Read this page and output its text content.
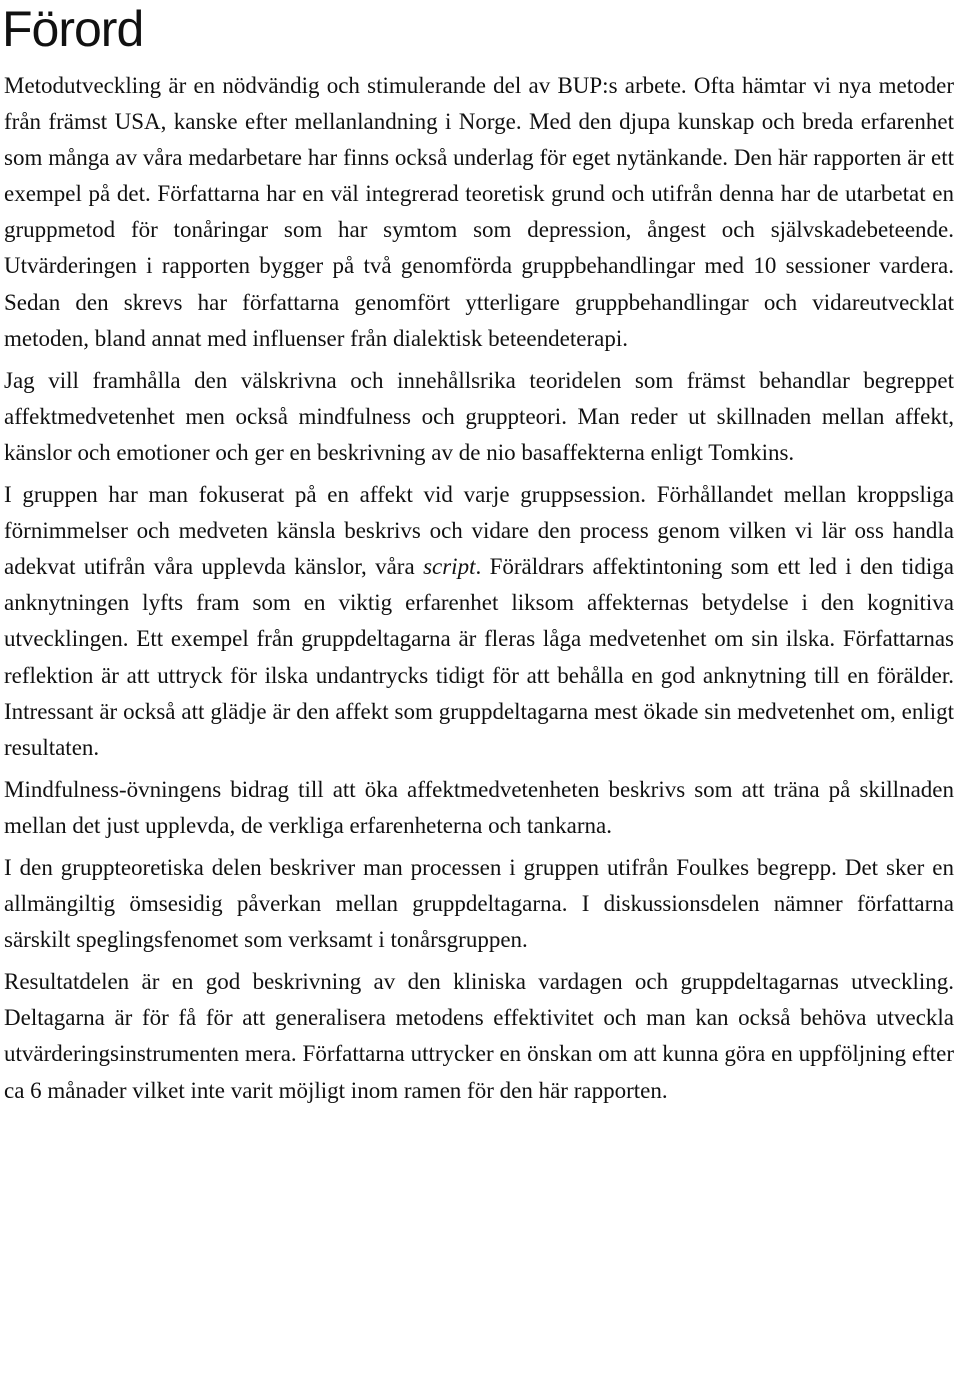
Förord

Metodutveckling är en nödvändig och stimulerande del av BUP:s arbete. Ofta hämtar vi nya metoder från främst USA, kanske efter mellanlandning i Norge. Med den djupa kunskap och breda erfarenhet som många av våra medarbetare har finns också underlag för eget nytänkande. Den här rapporten är ett exempel på det. Författarna har en väl integrerad teoretisk grund och utifrån denna har de utarbetat en gruppmetod för tonåringar som har symtom som depression, ångest och självskadebeteende. Utvärderingen i rapporten bygger på två genomförda gruppbehandlingar med 10 sessioner vardera. Sedan den skrevs har författarna genomfört ytterligare gruppbehandlingar och vidareutvecklat metoden, bland annat med influenser från dialektisk beteendeterapi.

Jag vill framhålla den välskrivna och innehållsrika teoridelen som främst behandlar begreppet affektmedvetenhet men också mindfulness och gruppteori. Man reder ut skillnaden mellan affekt, känslor och emotioner och ger en beskrivning av de nio basaffekterna enligt Tomkins.

I gruppen har man fokuserat på en affekt vid varje gruppsession. Förhållandet mellan kroppsliga förnimmelser och medveten känsla beskrivs och vidare den process genom vilken vi lär oss handla adekvat utifrån våra upplevda känslor, våra script. Föräldrars affektintoning som ett led i den tidiga anknytningen lyfts fram som en viktig erfarenhet liksom affekternas betydelse i den kognitiva utvecklingen. Ett exempel från gruppdeltagarna är fleras låga medvetenhet om sin ilska. Författarnas reflektion är att uttryck för ilska undantrycks tidigt för att behålla en god anknytning till en förälder. Intressant är också att glädje är den affekt som gruppdeltagarna mest ökade sin medvetenhet om, enligt resultaten.

Mindfulness-övningens bidrag till att öka affektmedvetenheten beskrivs som att träna på skillnaden mellan det just upplevda, de verkliga erfarenheterna och tankarna.

I den gruppteoretiska delen beskriver man processen i gruppen utifrån Foulkes begrepp. Det sker en allmängiltig ömsesidig påverkan mellan gruppdeltagarna. I diskussionsdelen nämner författarna särskilt speglingsfenomet som verksamt i tonårsgruppen.

Resultatdelen är en god beskrivning av den kliniska vardagen och gruppdeltagarnas utveckling. Deltagarna är för få för att generalisera metodens effektivitet och man kan också behöva utveckla utvärderingsinstrumenten mera. Författarna uttrycker en önskan om att kunna göra en uppföljning efter ca 6 månader vilket inte varit möjligt inom ramen för den här rapporten.
